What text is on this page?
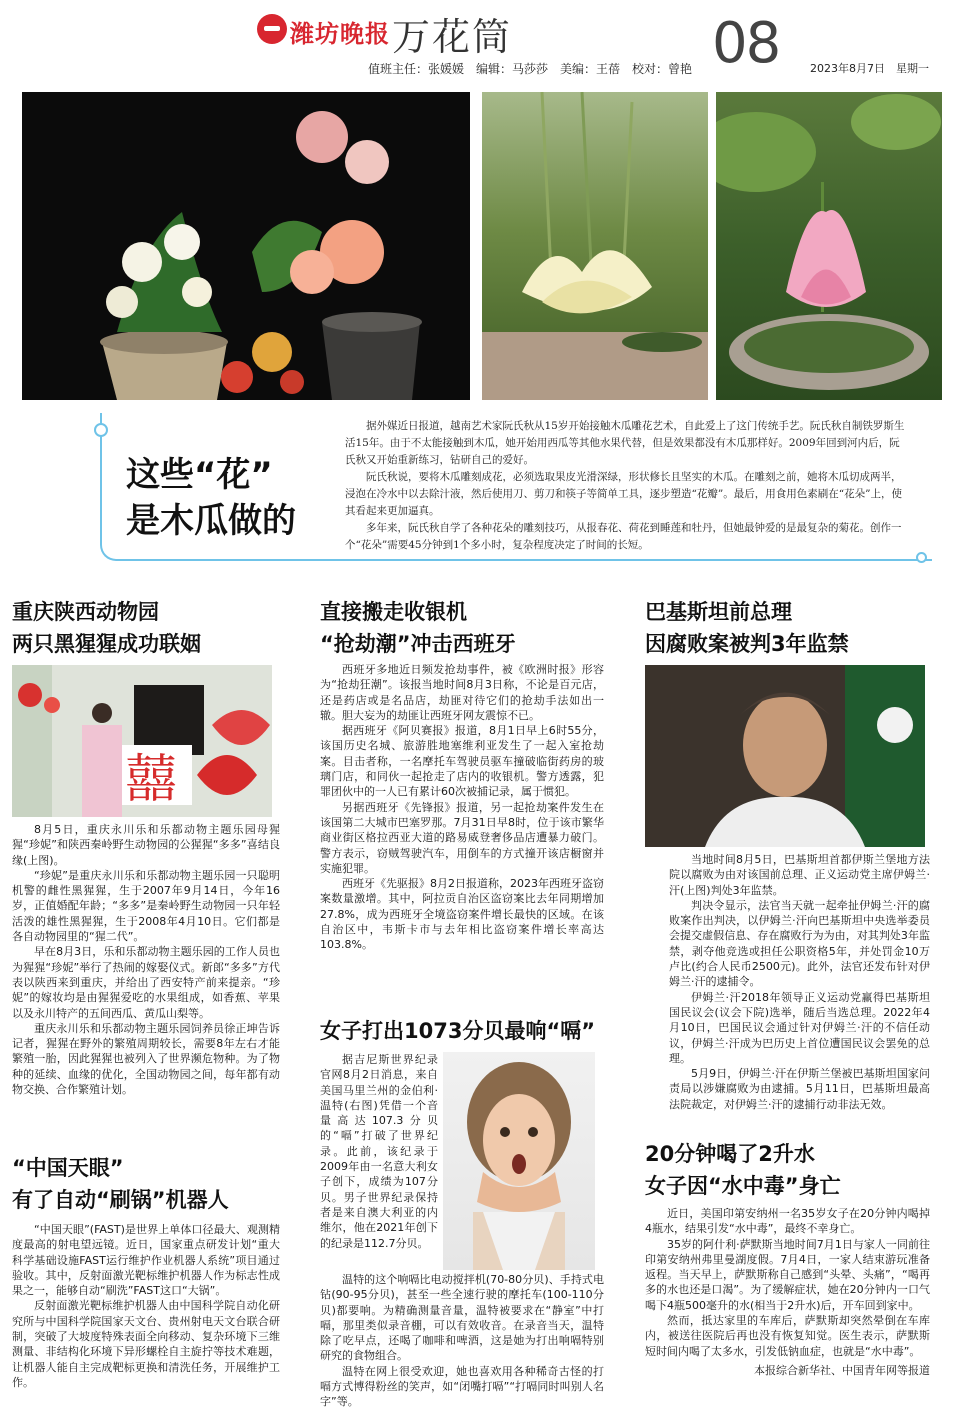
潍坊晚报 万花筒	08
值班主任：张媛媛　编辑：马莎莎　美编：王蓓　校对：曾艳	2023年8月7日　星期一
这些“花”
是木瓜做的

据外媒近日报道，越南艺术家阮氏秋从15岁开始接触木瓜雕花艺术，自此爱上了这门传统手艺。阮氏秋自制铁罗斯生活15年。由于不太能接触到木瓜，她开始用西瓜等其他水果代替，但是效果都没有木瓜那样好。2009年回到河内后，阮氏秋又开始重新练习，钻研自己的爱好。

阮氏秋说，要将木瓜雕刻成花，必须选取果皮光滑深绿，形状修长且坚实的木瓜。在雕刻之前，她将木瓜切成两半，浸泡在冷水中以去除汁液，然后使用刀、剪刀和筷子等简单工具，逐步塑造“花瓣”。最后，用食用色素刷在“花朵”上，使其看起来更加逼真。

多年来，阮氏秋自学了各种花朵的雕刻技巧，从报春花、荷花到睡莲和牡丹，但她最钟爱的是最复杂的菊花。创作一个“花朵”需要45分钟到1个多小时，复杂程度决定了时间的长短。

重庆陕西动物园
两只黑猩猩成功联姻
囍

8月5日，重庆永川乐和乐都动物主题乐园母猩猩“珍妮”和陕西秦岭野生动物园的公猩猩“多多”喜结良缘(上图)。

“珍妮”是重庆永川乐和乐都动物主题乐园一只聪明机警的雌性黑猩猩，生于2007年9月14日，今年16岁，正值婚配年龄；“多多”是秦岭野生动物园一只年轻活泼的雄性黑猩猩，生于2008年4月10日。它们都是各自动物园里的“猩二代”。

早在8月3日，乐和乐都动物主题乐园的工作人员也为猩猩“珍妮”举行了热闹的嫁娶仪式。新郎“多多”方代表以陕西来到重庆，并给出了西安特产前来提亲。“珍妮”的嫁妆均是由猩猩爱吃的水果组成，如香蕉、苹果以及永川特产的五间西瓜、黄瓜山梨等。

重庆永川乐和乐都动物主题乐园饲养员徐正坤告诉记者，猩猩在野外的繁殖周期较长，需要8年左右才能繁殖一胎，因此猩猩也被列入了世界濒危物种。为了物种的延续、血缘的优化，全国动物园之间，每年都有动物交换、合作繁殖计划。

“中国天眼”
有了自动“刷锅”机器人

“中国天眼”(FAST)是世界上单体口径最大、观测精度最高的射电望远镜。近日，国家重点研发计划“重大科学基础设施FAST运行维护作业机器人系统”项目通过验收。其中，反射面激光靶标维护机器人作为标志性成果之一，能够自动“刷洗”FAST这口“大锅”。

反射面激光靶标维护机器人由中国科学院自动化研究所与中国科学院国家天文台、贵州射电天文台联合研制，突破了大坡度特殊表面全向移动、复杂环境下三维测量、非结构化环境下异形螺栓自主旋拧等技术难题，让机器人能自主完成靶标更换和清洗任务，开展维护工作。

直接搬走收银机
“抢劫潮”冲击西班牙

西班牙多地近日频发抢劫事件，被《欧洲时报》形容为“抢劫狂潮”。该报当地时间8月3日称，不论是百元店，还是药店或是名品店，劫匪对待它们的抢劫手法如出一辙。胆大妄为的劫匪让西班牙网友震惊不已。

据西班牙《阿贝赛报》报道，8月1日早上6时55分，该国历史名城、旅游胜地塞维利亚发生了一起入室抢劫案。目击者称，一名摩托车驾驶员驱车撞破临街药房的玻璃门店，和同伙一起抢走了店内的收银机。警方透露，犯罪团伙中的一人已有累计60次被捕记录，属于惯犯。

另据西班牙《先锋报》报道，另一起抢劫案件发生在该国第二大城市巴塞罗那。7月31日早8时，位于该市繁华商业街区格拉西亚大道的路易威登奢侈品店遭暴力破门。警方表示，窃贼驾驶汽车，用倒车的方式撞开该店橱窗并实施犯罪。

西班牙《先驱报》8月2日报道称，2023年西班牙盗窃案数量激增。其中，阿拉贡自治区盗窃案比去年同期增加27.8%，成为西班牙全境盗窃案件增长最快的区域。在该自治区中，韦斯卡市与去年相比盗窃案件增长率高达103.8%。

女子打出1073分贝最响“嗝”

据吉尼斯世界纪录官网8月2日消息，来自美国马里兰州的金伯利·温特(右图)凭借一个音量高达107.3分贝的“嗝”打破了世界纪录。此前，该纪录于2009年由一名意大利女子创下，成绩为107分贝。男子世界纪录保持者是来自澳大利亚的内维尔，他在2021年创下的纪录是112.7分贝。

温特的这个响嗝比电动搅拌机(70-80分贝)、手持式电钻(90-95分贝)，甚至一些全速行驶的摩托车(100-110分贝)都要响。为精确测量音量，温特被要求在“静室”中打嗝，那里类似录音棚，可以有效收音。在录音当天，温特除了吃早点，还喝了咖啡和啤酒，这是她为打出响嗝特别研究的食物组合。

温特在网上很受欢迎，她也喜欢用各种稀奇古怪的打嗝方式博得粉丝的笑声，如“闭嘴打嗝”“打嗝同时叫别人名字”等。

巴基斯坦前总理
因腐败案被判3年监禁

当地时间8月5日，巴基斯坦首都伊斯兰堡地方法院以腐败为由对该国前总理、正义运动党主席伊姆兰·汗(上图)判处3年监禁。

判决令显示，法官当天就一起牵扯伊姆兰·汗的腐败案作出判决，以伊姆兰·汗向巴基斯坦中央选举委员会提交虚假信息、存在腐败行为为由，对其判处3年监禁，剥夺他竞选或担任公职资格5年，并处罚金10万卢比(约合人民币2500元)。此外，法官还发布针对伊姆兰·汗的逮捕令。

伊姆兰·汗2018年领导正义运动党赢得巴基斯坦国民议会(议会下院)选举，随后当选总理。2022年4月10日，巴国民议会通过针对伊姆兰·汗的不信任动议，伊姆兰·汗成为巴历史上首位遭国民议会罢免的总理。

5月9日，伊姆兰·汗在伊斯兰堡被巴基斯坦国家问责局以涉嫌腐败为由逮捕。5月11日，巴基斯坦最高法院裁定，对伊姆兰·汗的逮捕行动非法无效。

20分钟喝了2升水
女子因“水中毒”身亡

近日，美国印第安纳州一名35岁女子在20分钟内喝掉4瓶水，结果引发“水中毒”，最终不幸身亡。

35岁的阿什利·萨默斯当地时间7月1日与家人一同前往印第安纳州弗里曼湖度假。7月4日，一家人结束游玩准备返程。当天早上，萨默斯称自己感到“头晕、头痛”，“喝再多的水也还是口渴”。为了缓解症状，她在20分钟内一口气喝下4瓶500毫升的水(相当于2升水)后，开车回到家中。

然而，抵达家里的车库后，萨默斯却突然晕倒在车库内，被送往医院后再也没有恢复知觉。医生表示，萨默斯短时间内喝了太多水，引发低钠血症，也就是“水中毒”。

本报综合新华社、中国青年网等报道
